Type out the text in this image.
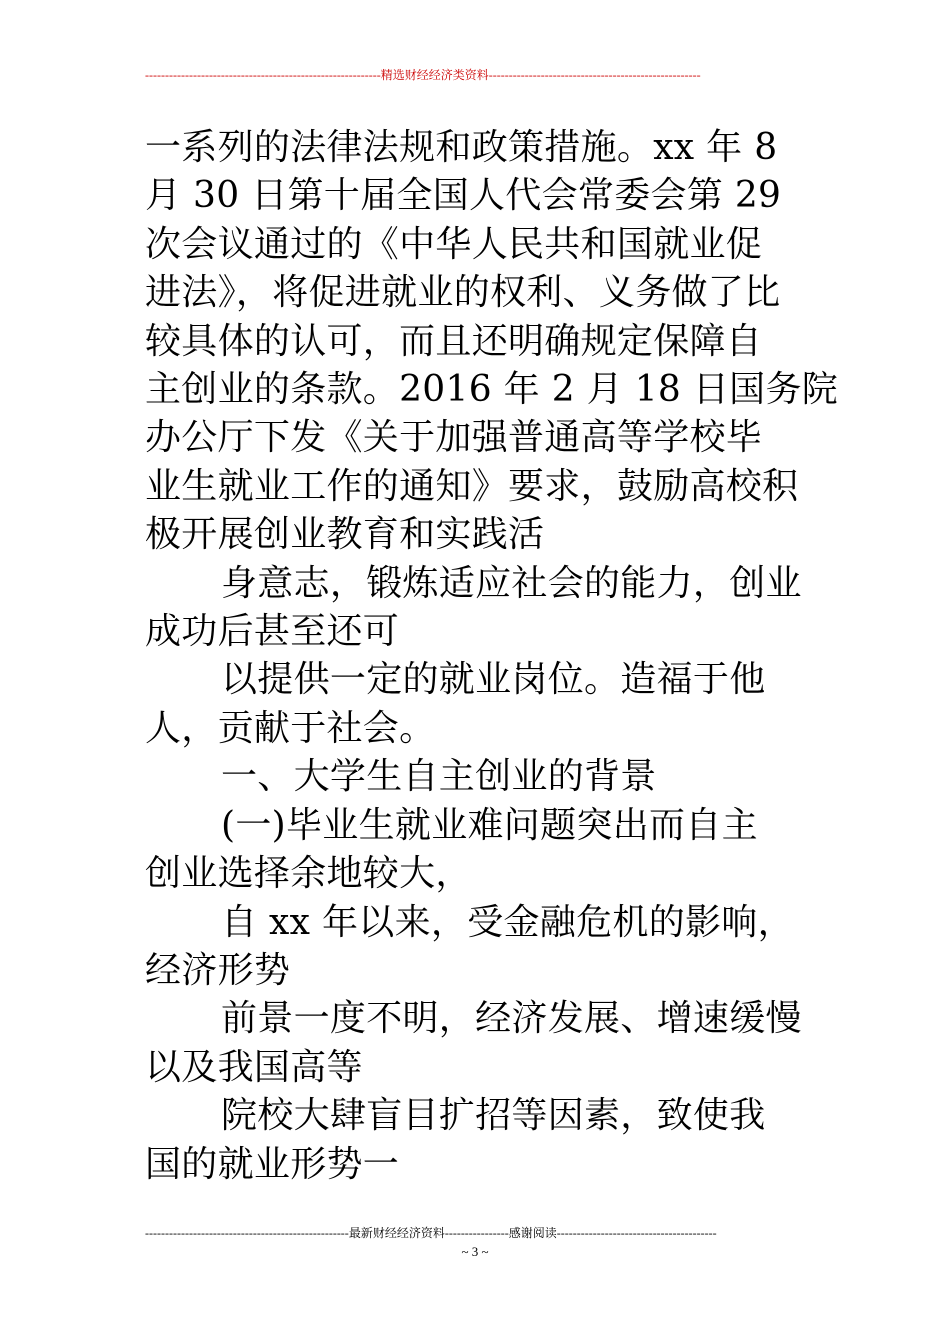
-----------------------------------------------------------精选财经经济类资料-----------------------------------------------------

一系列的法律法规和政策措施。xx 年 8

月 30 日第十届全国人代会常委会第 29

次会议通过的《中华人民共和国就业促

进法》，将促进就业的权利、义务做了比

较具体的认可，而且还明确规定保障自

主创业的条款。2016 年 2 月 18 日国务院

办公厅下发《关于加强普通高等学校毕

业生就业工作的通知》要求，鼓励高校积

极开展创业教育和实践活

身意志，锻炼适应社会的能力，创业

成功后甚至还可

以提供一定的就业岗位。造福于他

人，贡献于社会。

一、大学生自主创业的背景

(一)毕业生就业难问题突出而自主

创业选择余地较大，

自 xx 年以来，受金融危机的影响，

经济形势

前景一度不明，经济发展、增速缓慢

以及我国高等

院校大肆盲目扩招等因素，致使我

国的就业形势一

---------------------------------------------------最新财经经济资料----------------感谢阅读----------------------------------------
~ 3 ~
